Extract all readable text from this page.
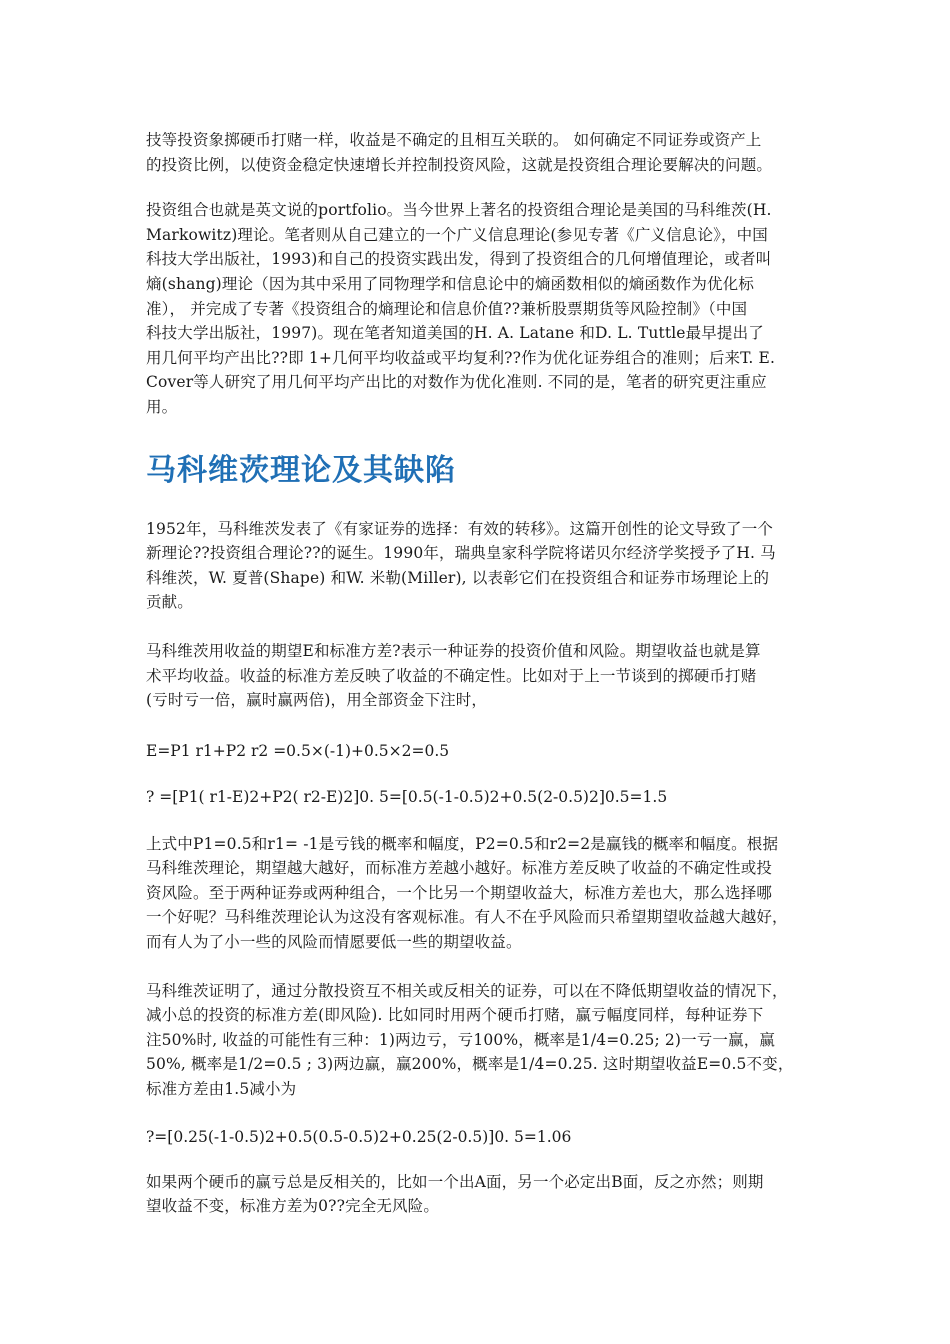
技等投资象掷硬币打赌一样，收益是不确定的且相互关联的。 如何确定不同证券或资产上
的投资比例，以使资金稳定快速增长并控制投资风险，这就是投资组合理论要解决的问题。

投资组合也就是英文说的portfolio。当今世界上著名的投资组合理论是美国的马科维茨(H.
Markowitz)理论。笔者则从自己建立的一个广义信息理论(参见专著《广义信息论》，中国
科技大学出版社，1993)和自己的投资实践出发，得到了投资组合的几何增值理论，或者叫
熵(shang)理论（因为其中采用了同物理学和信息论中的熵函数相似的熵函数作为优化标
准）， 并完成了专著《投资组合的熵理论和信息价值??兼析股票期货等风险控制》（中国
科技大学出版社，1997)。现在笔者知道美国的H. A. Latane 和D. L. Tuttle最早提出了
用几何平均产出比??即 1+几何平均收益或平均复利??作为优化证券组合的准则；后来T. E.
Cover等人研究了用几何平均产出比的对数作为优化准则. 不同的是，笔者的研究更注重应
用。

马科维茨理论及其缺陷

1952年，马科维茨发表了《有家证券的选择：有效的转移》。这篇开创性的论文导致了一个
新理论??投资组合理论??的诞生。1990年，瑞典皇家科学院将诺贝尔经济学奖授予了H. 马
科维茨，W. 夏普(Shape) 和W. 米勒(Miller), 以表彰它们在投资组合和证券市场理论上的
贡献。

马科维茨用收益的期望E和标准方差?表示一种证券的投资价值和风险。期望收益也就是算
术平均收益。收益的标准方差反映了收益的不确定性。比如对于上一节谈到的掷硬币打赌
(亏时亏一倍，赢时赢两倍)，用全部资金下注时，

E=P1 r1+P2 r2 =0.5×(-1)+0.5×2=0.5

? =[P1( r1-E)2+P2( r2-E)2]0. 5=[0.5(-1-0.5)2+0.5(2-0.5)2]0.5=1.5

上式中P1=0.5和r1= -1是亏钱的概率和幅度，P2=0.5和r2=2是赢钱的概率和幅度。根据
马科维茨理论，期望越大越好，而标准方差越小越好。标准方差反映了收益的不确定性或投
资风险。至于两种证券或两种组合，一个比另一个期望收益大，标准方差也大，那么选择哪
一个好呢？马科维茨理论认为这没有客观标准。有人不在乎风险而只希望期望收益越大越好，
而有人为了小一些的风险而情愿要低一些的期望收益。

马科维茨证明了，通过分散投资互不相关或反相关的证券，可以在不降低期望收益的情况下，
减小总的投资的标准方差(即风险). 比如同时用两个硬币打赌，赢亏幅度同样，每种证券下
注50%时, 收益的可能性有三种：1)两边亏，亏100%，概率是1/4=0.25; 2)一亏一赢，赢
50%, 概率是1/2=0.5 ; 3)两边赢，赢200%，概率是1/4=0.25. 这时期望收益E=0.5不变，
标准方差由1.5减小为

?=[0.25(-1-0.5)2+0.5(0.5-0.5)2+0.25(2-0.5)]0. 5=1.06

如果两个硬币的赢亏总是反相关的，比如一个出A面，另一个必定出B面，反之亦然；则期
望收益不变，标准方差为0??完全无风险。
